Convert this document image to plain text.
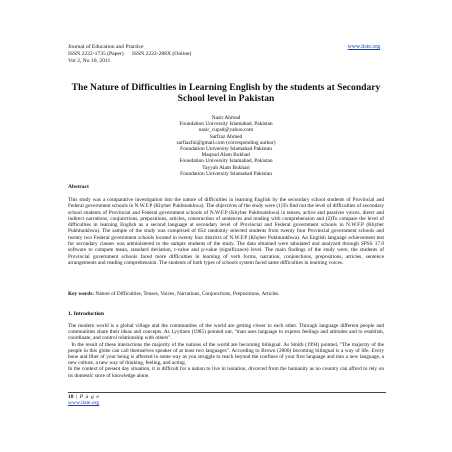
Journal of Education and Practice
ISSN 2222-1735 (Paper)      ISSN 2222-288X (Online)
Vol 2, No 10, 2011
www.iiste.org
The Nature of Difficulties in Learning English by the students at Secondary School level in Pakistan
Nasir Ahmad
Foundation University Islamabad, Pakistan
nasir_cupsd@yahoo.com
Sarfraz Ahmed
sarfiazfui@gmail.com (corresponding author)
Foundation University Islamabad Pakistan
Maqsud Alam Bukhari
Foundation University Islamabad, Pakistan
Tayyab Alam Bukhari
Foundation University Islamabad Pakistan
Abstract
This study was a comparative investigation into the nature of difficulties in learning English by the secondary school students of Provincial and Federal government schools in N.W.F.P (Khyber Pukhtunkhwa). The objectives of the study were (1)To find out the level of difficulties of secondary school students of Provincial and Federal government schools of N.W.F.P (Khyber Pukhtunkhwa) in tenses, active and passives voices, direct and indirect narrations, conjunctions, prepositions, articles, construction of sentences and reading with comprehension and (2)To compare the level of difficulties in learning English as a second language at secondary level of Provincial and Federal government schools in N.W.F.P (Khyber Pukhtunkhwa). The sample of the study was comprised of 654 randomly selected students from twenty four Provincial government schools and twenty two Federal government schools located in twenty four districts of N.W.F.P (Khyber Pukhtunkhwa). An English language achievement test for secondary classes was administered to the sample students of the study. The data obtained were tabulated and analyzed through SPSS 17.0 software to compute mean, standard deviation, t-value and p-value (significance) level. The main findings of the study were, the students of Provincial government schools faced more difficulties in learning of verb forms, narration, conjunctions, prepositions, articles, sentence arrangements and reading comprehension. The students of both types of schools system faced same difficulties in learning voices.
Key words: Nature of Difficulties, Tenses, Voices, Narrations, Conjunctions, Prepositions, Articles.
1. Introduction

The modern world is a global village and the communities of the world are getting closer to each other. Through language different people and communities share their ideas and concepts. As Lyytinen (1985) pointed out, "man uses language to express feelings and attitudes and to establish, coordinate, and control relationship with others".

In the result of these interactions the majority of the nations of the world are becoming bilingual. As Smith (1994) pointed, "The majority of the people in this globe can call themselves speaker of at least two languages". According to Brown (2000) becoming bilingual is a way of life. Every bone and fiber of your being is affected in some way as you struggle to reach beyond the confines of your first language and into a new language, a new culture, a new way of thinking, feeling, and acting.

In the context of present day situation, it is difficult for a nation to live in isolation, divorced from the humanity as no country can afford to rely on its domestic store of knowledge alone.

18 | P a g e
www.iiste.org
